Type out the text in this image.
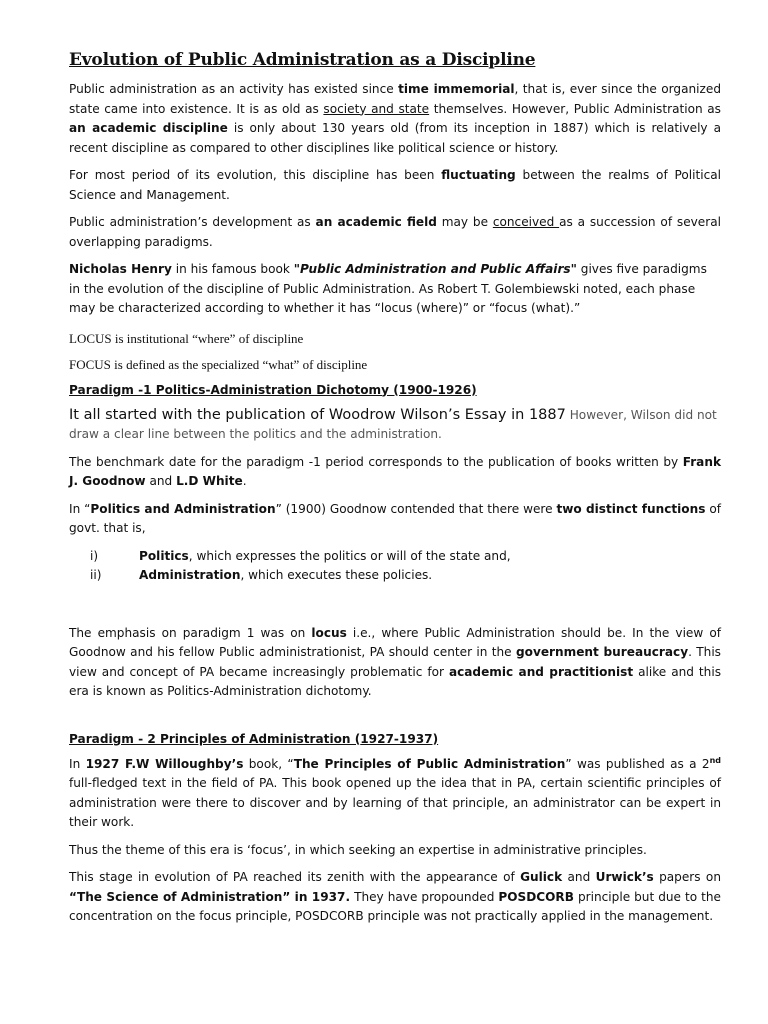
Evolution of Public Administration as a Discipline

Public administration as an activity has existed since time immemorial, that is, ever since the organized state came into existence. It is as old as society and state themselves. However, Public Administration as an academic discipline is only about 130 years old (from its inception in 1887) which is relatively a recent discipline as compared to other disciplines like political science or history.

For most period of its evolution, this discipline has been fluctuating between the realms of Political Science and Management.

Public administration’s development as an academic field may be conceived as a succession of several overlapping paradigms.

Nicholas Henry in his famous book "Public Administration and Public Affairs" gives five paradigms in the evolution of the discipline of Public Administration. As Robert T. Golembiewski noted, each phase may be characterized according to whether it has “locus (where)” or “focus (what).”

LOCUS is institutional “where” of discipline
FOCUS is defined as the specialized “what” of discipline
Paradigm -1 Politics-Administration Dichotomy (1900-1926)

It all started with the publication of Woodrow Wilson’s Essay in 1887 However, Wilson did not draw a clear line between the politics and the administration.

The benchmark date for the paradigm -1 period corresponds to the publication of books written by Frank J. Goodnow and L.D White.

In “Politics and Administration” (1900) Goodnow contended that there were two distinct functions of govt. that is,

i)	Politics, which expresses the politics or will of the state and,
ii)	Administration, which executes these policies.

The emphasis on paradigm 1 was on locus i.e., where Public Administration should be. In the view of Goodnow and his fellow Public administrationist, PA should center in the government bureaucracy. This view and concept of PA became increasingly problematic for academic and practitionist alike and this era is known as Politics-Administration dichotomy.

Paradigm - 2 Principles of Administration (1927-1937)

In 1927 F.W Willoughby’s book, “The Principles of Public Administration” was published as a 2nd full-fledged text in the field of PA. This book opened up the idea that in PA, certain scientific principles of administration were there to discover and by learning of that principle, an administrator can be expert in their work.

Thus the theme of this era is ‘focus’, in which seeking an expertise in administrative principles.

This stage in evolution of PA reached its zenith with the appearance of Gulick and Urwick’s papers on “The Science of Administration” in 1937. They have propounded POSDCORB principle but due to the concentration on the focus principle, POSDCORB principle was not practically applied in the management.
